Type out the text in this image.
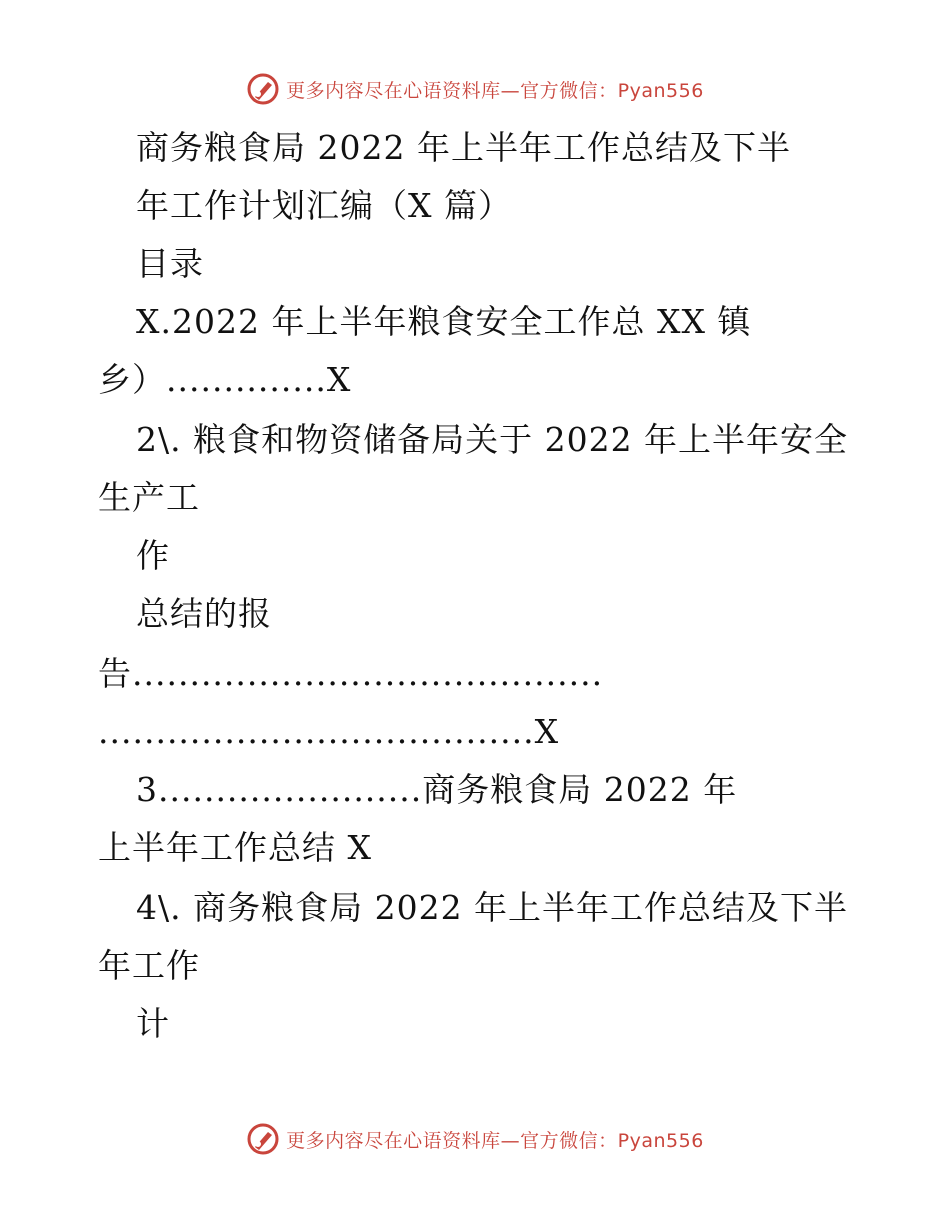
更多内容尽在心语资料库—官方微信：Pyan556
商务粮食局 2022 年上半年工作总结及下半
年工作计划汇编（X 篇）
目录
X.2022 年上半年粮食安全工作总 XX 镇
乡）..............X
2\. 粮食和物资储备局关于 2022 年上半年安全
生产工
作
总结的报
告.........................................
......................................X
3.......................商务粮食局 2022 年
上半年工作总结 X
4\. 商务粮食局 2022 年上半年工作总结及下半
年工作
计
更多内容尽在心语资料库—官方微信：Pyan556
